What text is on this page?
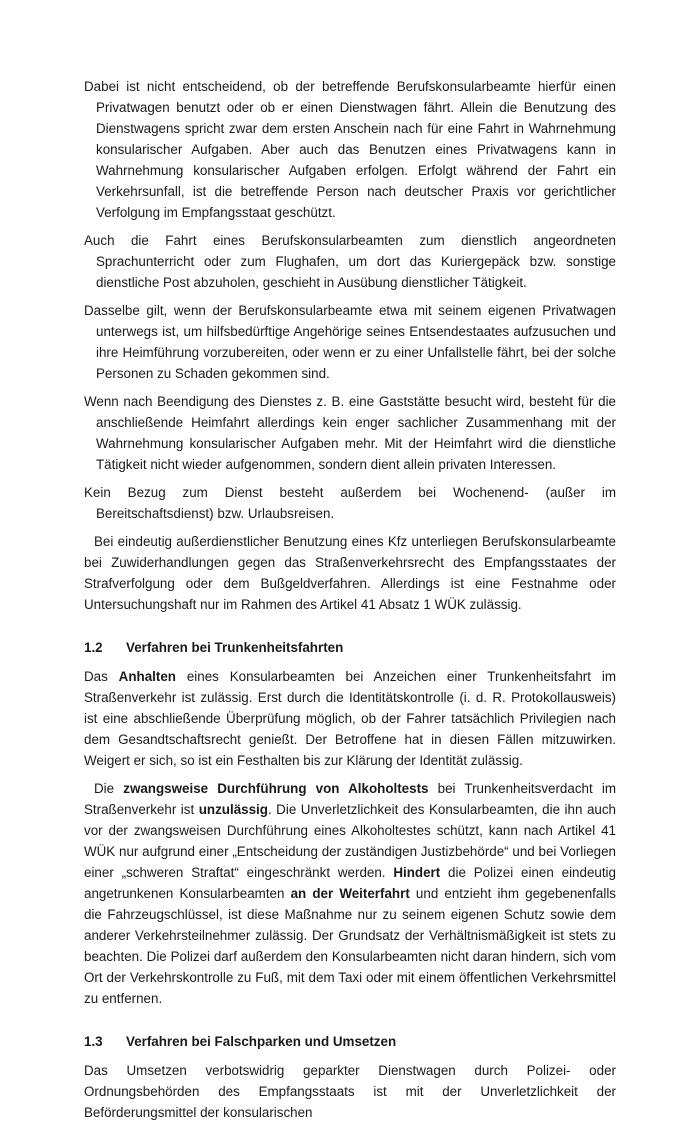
Dabei ist nicht entscheidend, ob der betreffende Berufskonsularbeamte hierfür einen Privatwagen benutzt oder ob er einen Dienstwagen fährt. Allein die Benutzung des Dienstwagens spricht zwar dem ersten Anschein nach für eine Fahrt in Wahrnehmung konsularischer Aufgaben. Aber auch das Benutzen eines Privatwagens kann in Wahrnehmung konsularischer Aufgaben erfolgen. Erfolgt während der Fahrt ein Verkehrsunfall, ist die betreffende Person nach deutscher Praxis vor gerichtlicher Verfolgung im Empfangsstaat geschützt.

Auch die Fahrt eines Berufskonsularbeamten zum dienstlich angeordneten Sprachunterricht oder zum Flughafen, um dort das Kuriergepäck bzw. sonstige dienstliche Post abzuholen, geschieht in Ausübung dienstlicher Tätigkeit.

Dasselbe gilt, wenn der Berufskonsularbeamte etwa mit seinem eigenen Privatwagen unterwegs ist, um hilfsbedürftige Angehörige seines Entsendestaates aufzusuchen und ihre Heimführung vorzubereiten, oder wenn er zu einer Unfallstelle fährt, bei der solche Personen zu Schaden gekommen sind.

Wenn nach Beendigung des Dienstes z. B. eine Gaststätte besucht wird, besteht für die anschließende Heimfahrt allerdings kein enger sachlicher Zusammenhang mit der Wahrnehmung konsularischer Aufgaben mehr. Mit der Heimfahrt wird die dienstliche Tätigkeit nicht wieder aufgenommen, sondern dient allein privaten Interessen.

Kein Bezug zum Dienst besteht außerdem bei Wochenend- (außer im Bereitschaftsdienst) bzw. Urlaubsreisen.

Bei eindeutig außerdienstlicher Benutzung eines Kfz unterliegen Berufskonsularbeamte bei Zuwiderhandlungen gegen das Straßenverkehrsrecht des Empfangsstaates der Strafverfolgung oder dem Bußgeldverfahren. Allerdings ist eine Festnahme oder Untersuchungshaft nur im Rahmen des Artikel 41 Absatz 1 WÜK zulässig.

1.2 Verfahren bei Trunkenheitsfahrten

Das Anhalten eines Konsularbeamten bei Anzeichen einer Trunkenheitsfahrt im Straßenverkehr ist zulässig. Erst durch die Identitätskontrolle (i. d. R. Protokollausweis) ist eine abschließende Überprüfung möglich, ob der Fahrer tatsächlich Privilegien nach dem Gesandtschaftsrecht genießt. Der Betroffene hat in diesen Fällen mitzuwirken. Weigert er sich, so ist ein Festhalten bis zur Klärung der Identität zulässig.

Die zwangsweise Durchführung von Alkoholtests bei Trunkenheitsverdacht im Straßenverkehr ist unzulässig. Die Unverletzlichkeit des Konsularbeamten, die ihn auch vor der zwangsweisen Durchführung eines Alkoholtestes schützt, kann nach Artikel 41 WÜK nur aufgrund einer „Entscheidung der zuständigen Justizbehörde“ und bei Vorliegen einer „schweren Straftat“ eingeschränkt werden. Hindert die Polizei einen eindeutig angetrunkenen Konsularbeamten an der Weiterfahrt und entzieht ihm gegebenenfalls die Fahrzeugschlüssel, ist diese Maßnahme nur zu seinem eigenen Schutz sowie dem anderer Verkehrsteilnehmer zulässig. Der Grundsatz der Verhältnismäßigkeit ist stets zu beachten. Die Polizei darf außerdem den Konsularbeamten nicht daran hindern, sich vom Ort der Verkehrskontrolle zu Fuß, mit dem Taxi oder mit einem öffentlichen Verkehrsmittel zu entfernen.

1.3 Verfahren bei Falschparken und Umsetzen

Das Umsetzen verbotswidrig geparkter Dienstwagen durch Polizei- oder Ordnungsbehörden des Empfangsstaats ist mit der Unverletzlichkeit der Beförderungsmittel der konsularischen
